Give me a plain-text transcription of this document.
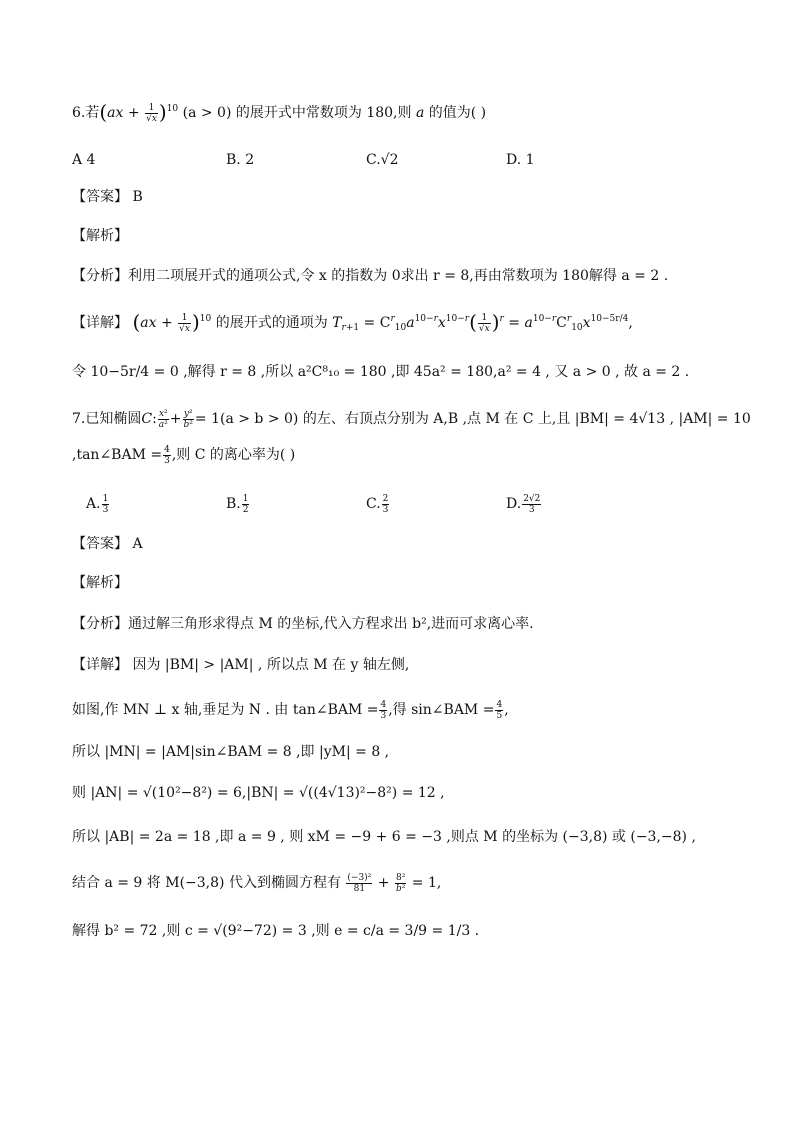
6.若$(ax + \frac{1}{√x} )^{10}$ (a > 0) 的展开式中常数项为 180,则 a 的值为( )
A 4	B. 2	C.√2	D. 1
【答案】 B
【解析】
【分析】利用二项展开式的通项公式,令 x 的指数为 0求出 r = 8,再由常数项为 180解得 a = 2 .
【详解】 $(ax + \frac{1}{√x} )^{10}$ 的展开式的通项为 $T_{r+1} = C^r_{10}a^{10-r}x^{10-r}( \frac{1}{√x} )^r = a^{10-r}C^r_{10}x^{10-5r/4}$,
令 10−5r/4 = 0 ,解得 r = 8 ,所以 a²C⁸₁₀ = 180 ,即 45a² = 180,a² = 4 , 又 a > 0 , 故 a = 2 .
7.已知椭圆C: $\frac{\text{x²}}{\text{a²}} + \frac{\text{y²}}{\text{b²}} = 1(a > b > 0)$ 的左、右顶点分别为 A,B ,点 M 在 C 上,且 |BM| = 4√13 , |AM| = 10
,tan∠BAM = $\frac{4}{3}$ ,则 C 的离心率为( )
A. $\frac{1}{3}$	B. $\frac{1}{2}$	C. $\frac{2}{3}$	D. $\frac{2√2}{3}$
【答案】 A
【解析】
【分析】通过解三角形求得点 M 的坐标,代入方程求出 b²,进而可求离心率.
【详解】 因为 |BM| > |AM| , 所以点 M 在 y 轴左侧,
如图,作 MN ⊥ x 轴,垂足为 N . 由 tan∠BAM = $\frac{4}{3}$ ,得 sin∠BAM = $\frac{4}{5}$ ,
所以 |MN| = |AM|sin∠BAM = 8 ,即 |yM| = 8 ,
则 |AN| = √(10²−8²) = 6,|BN| = √((4√13)²−8²) = 12 ,
所以 |AB| = 2a = 18 ,即 a = 9 , 则 xM = −9 + 6 = −3 ,则点 M 的坐标为 (−3,8) 或 (−3,−8) ,
结合 a = 9 将 M(−3,8) 代入到椭圆方程有 $\frac{\text{(−3)²}}{81} + \frac{\text{8²}}{\text{b²}} = 1$,
解得 b² = 72 ,则 c = √(9²−72) = 3 ,则 e = c/a = 3/9 = 1/3 .
